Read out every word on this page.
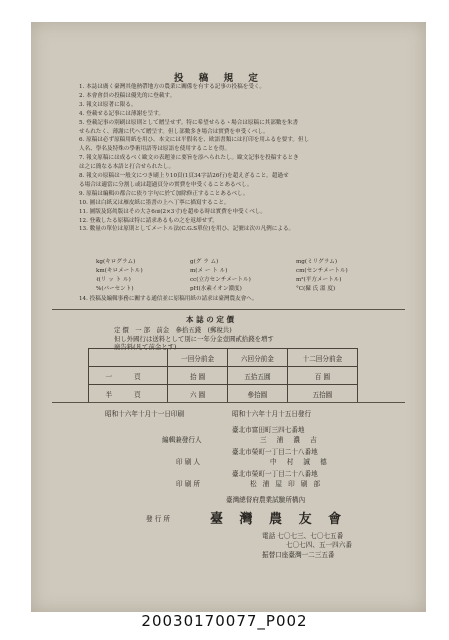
投 稿 規 定
1. 本誌は廣く臺灣其他熱帶地方の農業に關係を有する記事の投稿を受く。
2. 本會會員の投稿は優先的に登載す。
3. 報文は原著に限る。
4. 登載せる記事には薄謝を呈す。
5. 登載記事の別刷は原則として贈呈せず。特に希望せらるゝ場合は原稿に其部數を朱書
せられたく、薄謝に代へて贈呈す。但し部數多き場合は實費を申受くべし。
6. 原稿は必ず原稿用紙を用ひ、本文には平假名を、欧語書類には打印を用ふるを要す。但し
人名、學名及特殊の學術用語等は原語を使用することを得。
7. 報文原稿には成るべく歐文の表題並に要旨を添へられたし。歐文記事を投稿するとき
は之に簡なる本語と打合せられたし。
8. 報文の原稿は一般文につき刷上り10頁(1頁34字詰26行)を超えざること。超過せ
る場合は適當に分割し或は超過頁分の實費を申受くることあるべし。
9. 原稿は編輯の都合に依り字句に於て加除修正することあるべし。
10. 圖は白紙又は雁皮紙に墨書の上へ丁寧に描寫すること。
11. 圖版及寫眞版はその大さ6㎝(2×3寸)を超ゆる時は實費を申受くべし。
12. 登載したる原稿は特に請求あるもの之を返却せず。
13. 數量の單位は原則としてメートル法(C.G.S單位)を用ひ、記號は次の凡例による。
kg(キログラム)	g(グ ラ ム)	mg(ミリグラム)
km(キロメートル)	m(メ ー ト ル)	cm(センチメートル)
ℓ(リ ッ ト ル)	cc(立方センチメートル)	m²(平方メートル)
%(パーセント)	pH(水素イオン濃度)	°C(攝 氏 溫 度)
14. 投稿及編輯事務に關する通信並に原稿用紙の請求は臺灣農友會へ。
本 誌 の 定 價
定 價　一 部　前金　參拾五錢　(郵稅共)
但し外國行は送料として別に一年分金壹圓貳拾錢を増す
廣告料(凡て前金とす)
	一回分前金	六回分前金	十二回分前金
一 頁	拾 圓	五拾五圓	百 圓
半 頁	六 圓	參拾圓	五拾圓
昭和十六年十月十一日印刷	昭和十六年十月十五日發行
臺北市富田町三四七番地
編輯兼發行人	三 浦 濃 吉
臺北市榮町一丁目二十八番地
印 刷 人	中 村 誠 德
臺北市榮町一丁目二十八番地
印 刷 所	松 浦 屋 印 刷 部
臺灣總督府農業試驗所構內
發 行 所	臺 灣 農 友 會
電話 七〇七三、七〇七五番
七〇七四、五一四六番
振替口座臺灣一二三五番
20030170077_P002
